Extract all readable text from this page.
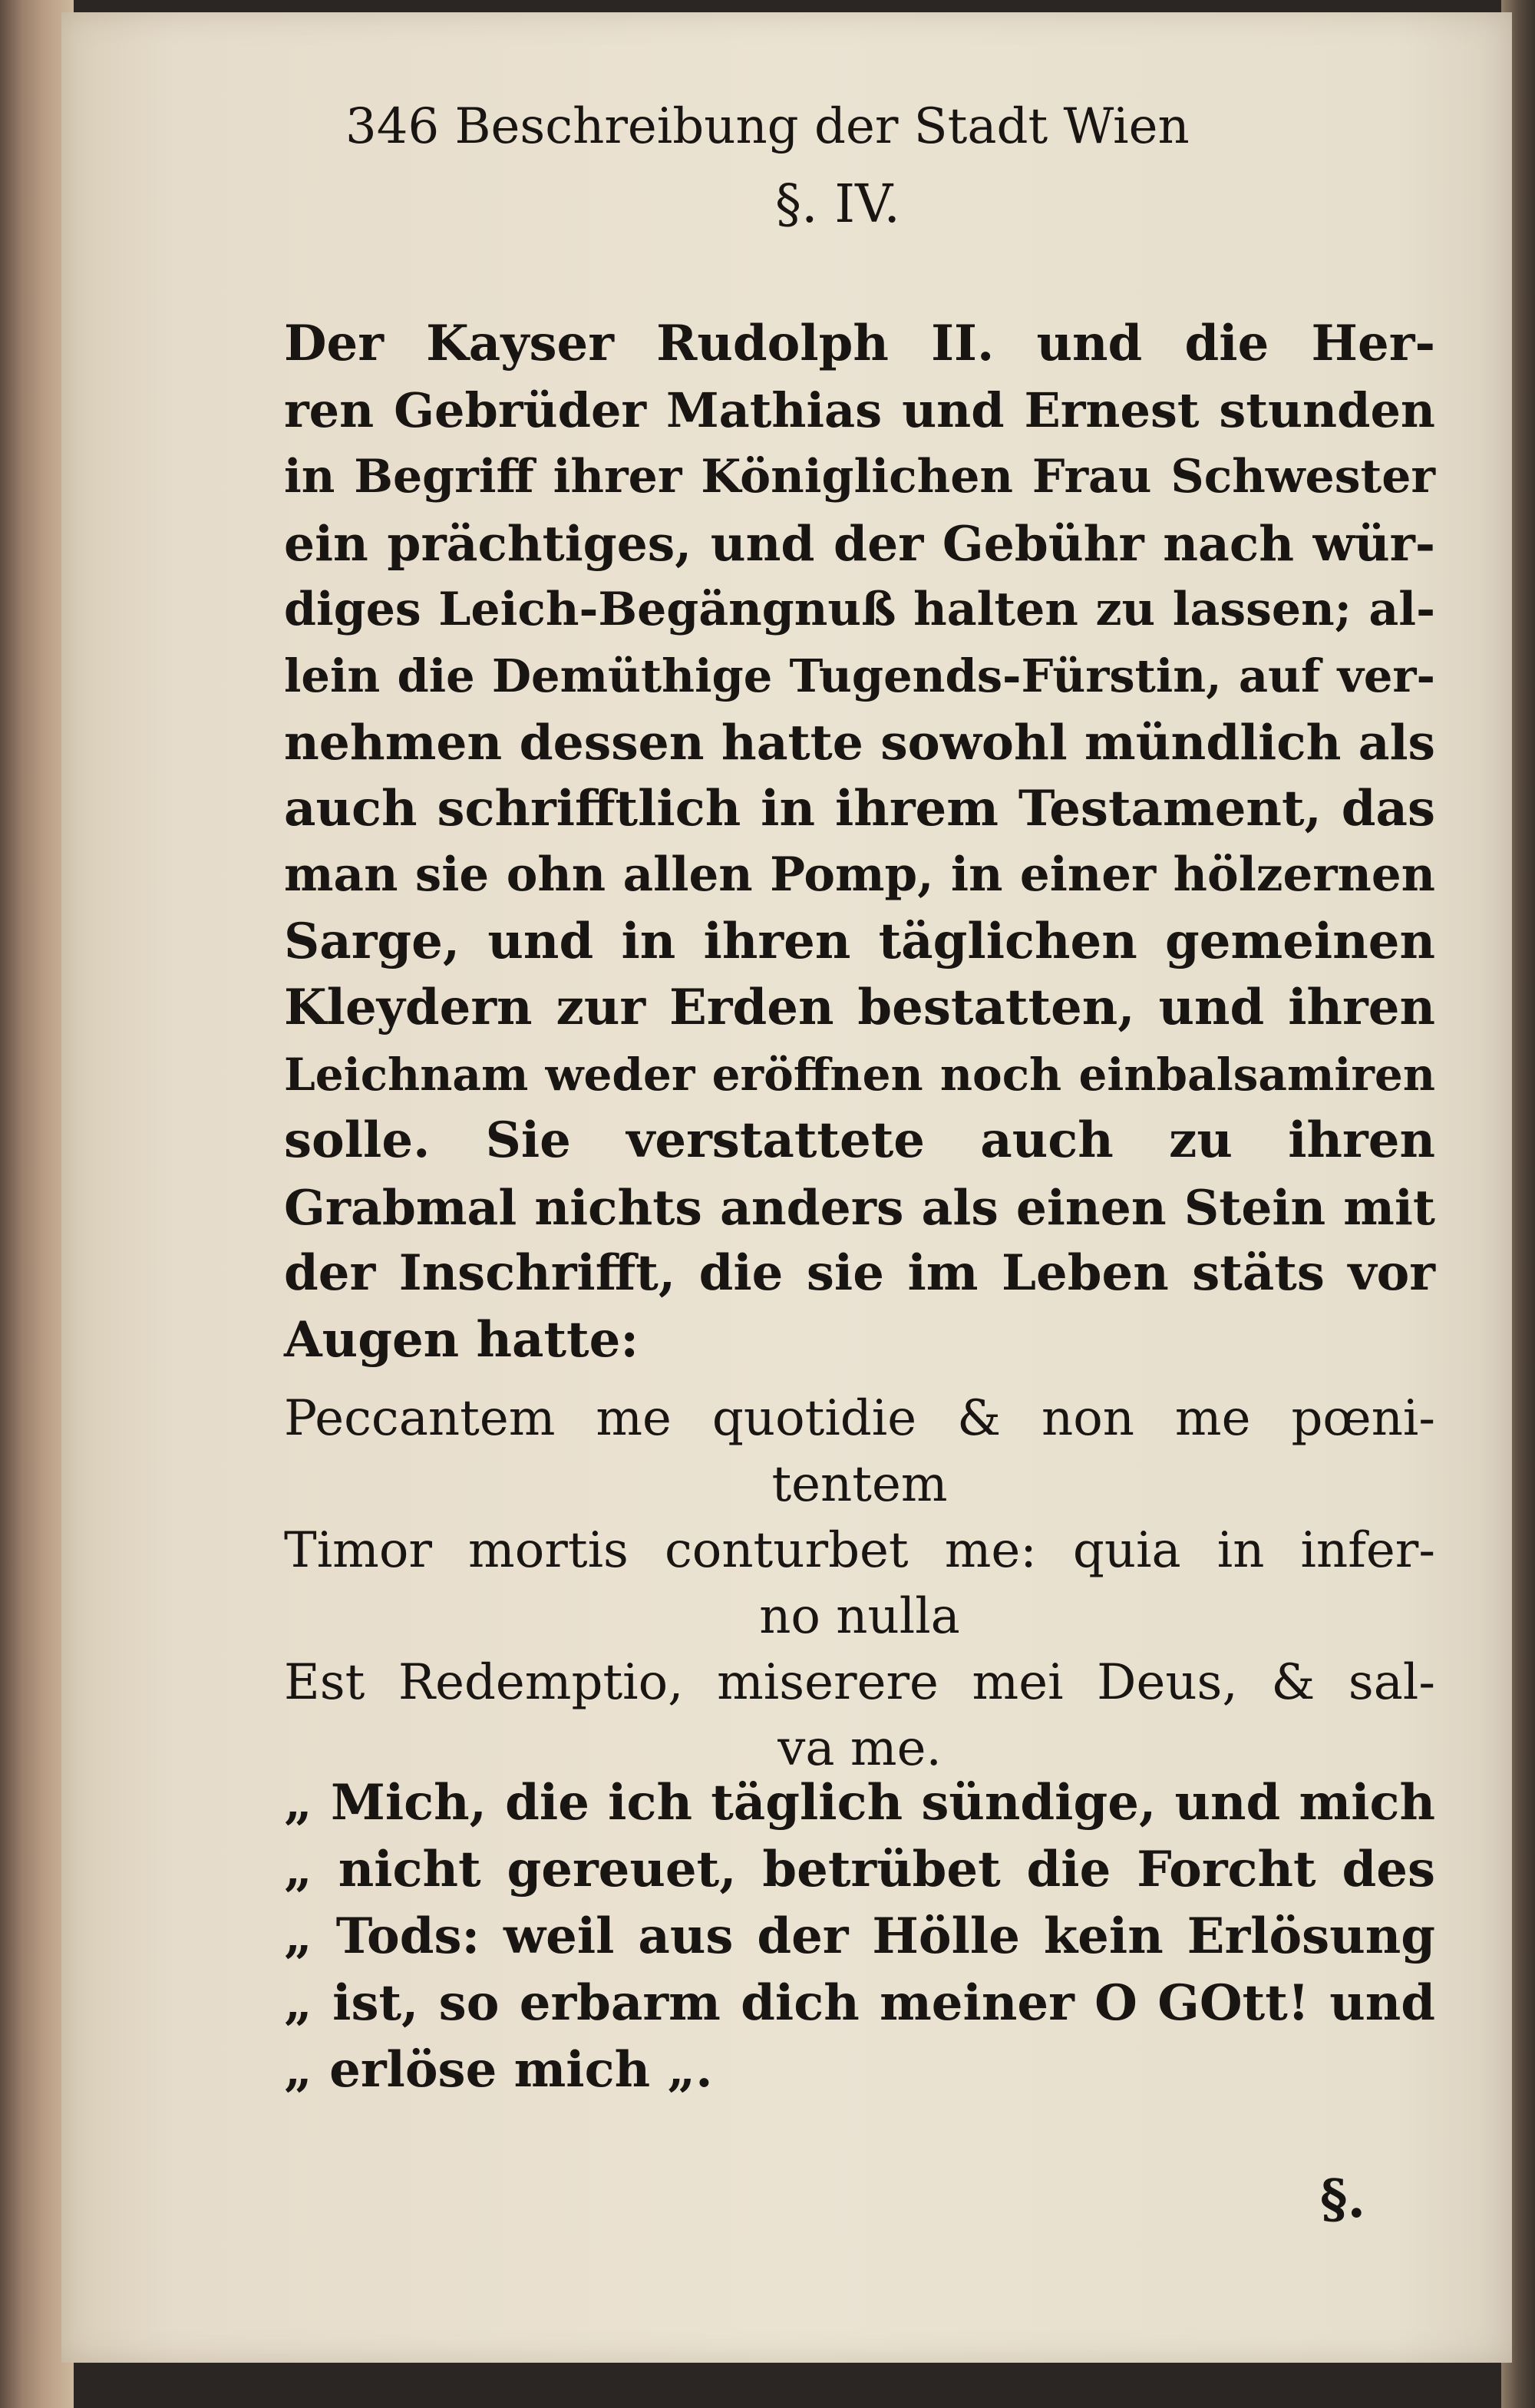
346 Beschreibung der Stadt Wien
§. IV.
Der Kayser Rudolph II. und die Her-
ren Gebrüder Mathias und Ernest stunden
in Begriff ihrer Königlichen Frau Schwester
ein prächtiges, und der Gebühr nach wür-
diges Leich-Begängnuß halten zu lassen; al-
lein die Demüthige Tugends-Fürstin, auf ver-
nehmen dessen hatte sowohl mündlich als
auch schrifftlich in ihrem Testament, das
man sie ohn allen Pomp, in einer hölzernen
Sarge, und in ihren täglichen gemeinen
Kleydern zur Erden bestatten, und ihren
Leichnam weder eröffnen noch einbalsamiren
solle. Sie verstattete auch zu ihren
Grabmal nichts anders als einen Stein mit
der Inschrifft, die sie im Leben stäts vor
Augen hatte:
Peccantem me quotidie & non me pœni-
tentem
Timor mortis conturbet me: quia in infer-
no nulla
Est Redemptio, miserere mei Deus, & sal-
va me.
„ Mich, die ich täglich sündige, und mich
„ nicht gereuet, betrübet die Forcht des
„ Tods: weil aus der Hölle kein Erlösung
„ ist, so erbarm dich meiner O GOtt! und
„ erlöse mich „.
§.
